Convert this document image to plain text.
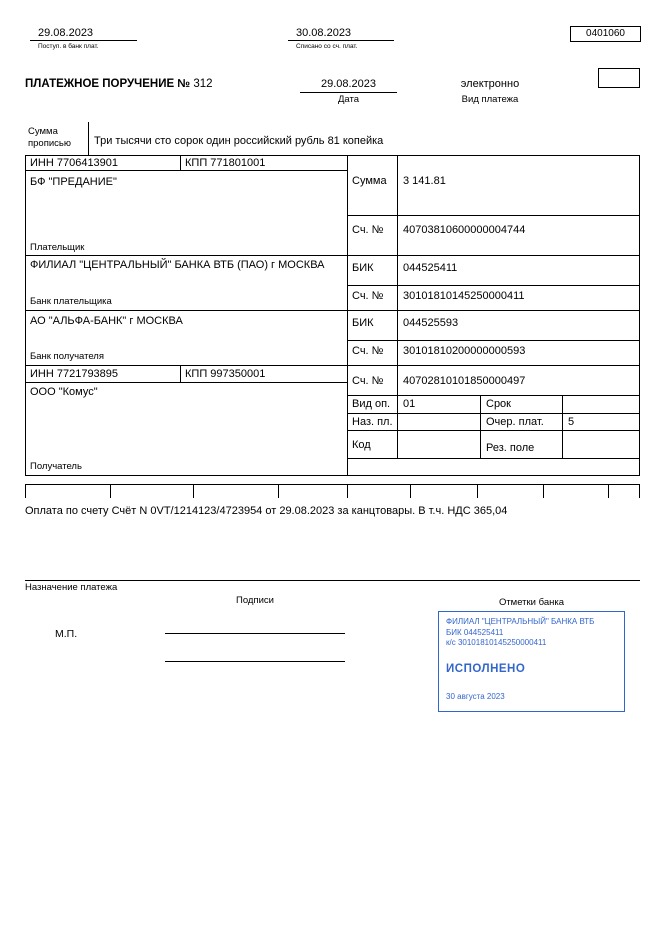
29.08.2023
Поступ. в банк плат.
30.08.2023
Списано со сч. плат.
0401060
ПЛАТЕЖНОЕ ПОРУЧЕНИЕ № 312	29.08.2023
Дата
электронно
Вид платежа
Сумма
прописью Три тысячи сто сорок один российский рубль 81 копейка
ИНН 7706413901	КПП 771801001
БФ "ПРЕДАНИЕ"
Плательщик
Сумма 3 141.81
Сч. № 40703810600000004744
ФИЛИАЛ "ЦЕНТРАЛЬНЫЙ" БАНКА ВТБ (ПАО) г МОСКВА
Банк плательщика
БИК	044525411
Сч. № 30101810145250000411
АО "АЛЬФА-БАНК" г МОСКВА
Банк получателя
БИК	044525593
Сч. № 30101810200000000593
ИНН 7721793895	КПП 997350001
ООО "Комус"
Получатель
Сч. № 40702810101850000497
Вид оп. 01	Срок
Наз. пл.	Очер. плат. 5
Код	Рез. поле
Оплата по счету Счёт N 0VT/1214123/4723954 от 29.08.2023 за канцтовары. В т.ч. НДС 365,04
Назначение платежа
Подписи	Отметки банка
М.П.
ФИЛИАЛ "ЦЕНТРАЛЬНЫЙ" БАНКА ВТБ
БИК 044525411
к/с 30101810145250000411
ИСПОЛНЕНО
30 августа 2023
